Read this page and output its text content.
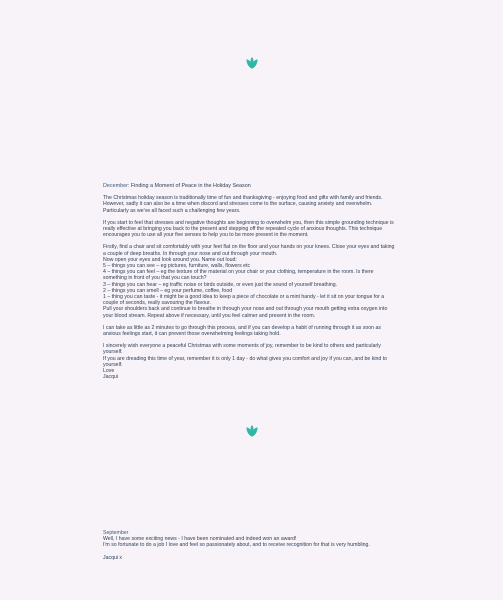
December: Finding a Moment of Peace in the Holiday Season

The Christmas holiday season is traditionally time of fun and thanksgiving - enjoying food and gifts with family and friends. However, sadly it can also be a time when discord and stresses come to the surface, causing anxiety and overwhelm. Particularly as we've all faced such a challenging few years.

If you start to feel that stresses and negative thoughts are beginning to overwhelm you, then this simple grounding technique is really effective at bringing you back to the present and stepping off the repeated cycle of anxious thoughts. This technique encourages you to use all your five senses to help you to be more present in the moment.

Firstly, find a chair and sit comfortably with your feet flat on the floor and your hands on your knees. Close your eyes and taking a couple of deep breaths. In through your nose and out through your mouth.
Now open your eyes and look around you. Name out loud:
5 – things you can see – eg pictures, furniture, walls, flowers etc
4 – things you can feel – eg the texture of the material on your chair or your clothing, temperature in the room. Is there something in front of you that you can touch?
3 – things you can hear – eg traffic noise or birds outside, or even just the sound of yourself breathing.
2 – things you can smell – eg your perfume, coffee, food
1 – thing you can taste - it might be a good idea to keep a piece of chocolate or a mint handy - let it sit on your tongue for a couple of seconds, really savouring the flavour.
Pull your shoulders back and continue to breathe in through your nose and out through your mouth getting extra oxygen into your blood stream. Repeat above if necessary, until you feel calmer and present in the room.

I can take as little as 2 minutes to go through this process, and if you can develop a habit of running through it as soon as anxious feelings start, it can prevent those overwhelming feelings taking hold.

I sincerely wish everyone a peaceful Christmas with some moments of joy, remember to be kind to others and particularly yourself.
If you are dreading this time of year, remember it is only 1 day - do what gives you comfort and joy if you can, and be kind to yourself.
Love
Jacqui

September

Well, I have some exciting news - I have been nominated and indeed won an award!
I'm so fortunate to do a job I love and feel so passionately about, and to receive recognition for that is very humbling.

Jacqui x
